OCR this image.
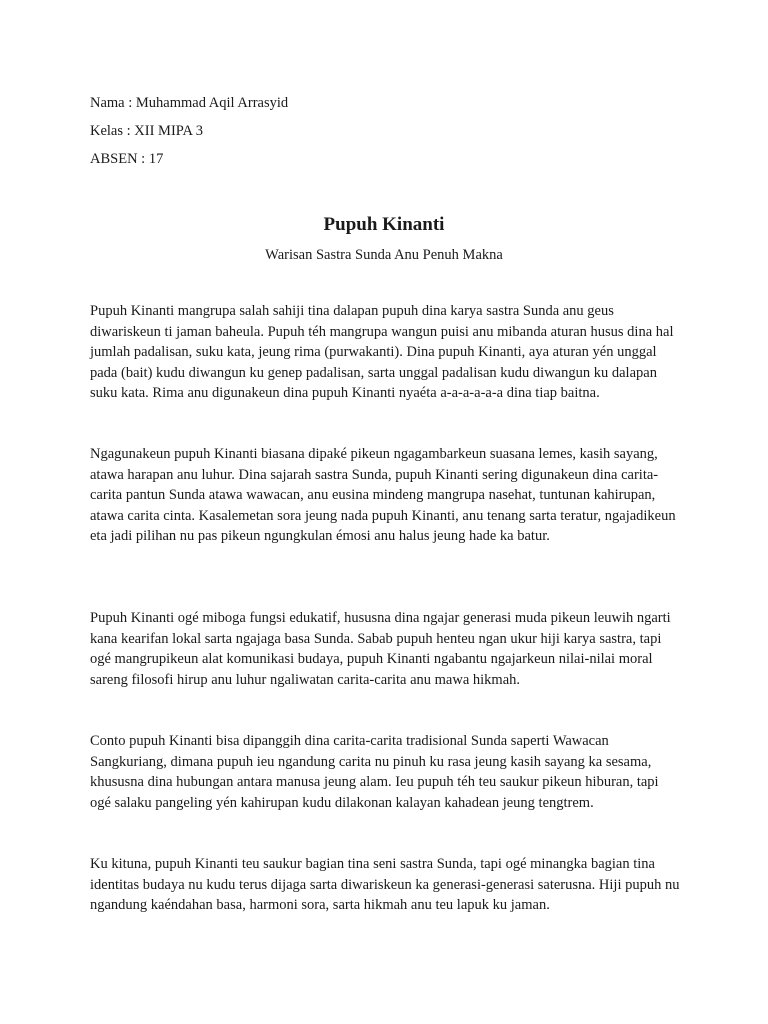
Nama : Muhammad Aqil Arrasyid
Kelas : XII MIPA 3
ABSEN : 17
Pupuh Kinanti
Warisan Sastra Sunda Anu Penuh Makna

Pupuh Kinanti mangrupa salah sahiji tina dalapan pupuh dina karya sastra Sunda anu geus diwariskeun ti jaman baheula. Pupuh téh mangrupa wangun puisi anu mibanda aturan husus dina hal jumlah padalisan, suku kata, jeung rima (purwakanti). Dina pupuh Kinanti, aya aturan yén unggal pada (bait) kudu diwangun ku genep padalisan, sarta unggal padalisan kudu diwangun ku dalapan suku kata. Rima anu digunakeun dina pupuh Kinanti nyaéta a-a-a-a-a-a dina tiap baitna.

Ngagunakeun pupuh Kinanti biasana dipaké pikeun ngagambarkeun suasana lemes, kasih sayang, atawa harapan anu luhur. Dina sajarah sastra Sunda, pupuh Kinanti sering digunakeun dina carita-carita pantun Sunda atawa wawacan, anu eusina mindeng mangrupa nasehat, tuntunan kahirupan, atawa carita cinta. Kasalemetan sora jeung nada pupuh Kinanti, anu tenang sarta teratur, ngajadikeun eta jadi pilihan nu pas pikeun ngungkulan émosi anu halus jeung hade ka batur.

Pupuh Kinanti ogé miboga fungsi edukatif, hususna dina ngajar generasi muda pikeun leuwih ngarti kana kearifan lokal sarta ngajaga basa Sunda. Sabab pupuh henteu ngan ukur hiji karya sastra, tapi ogé mangrupikeun alat komunikasi budaya, pupuh Kinanti ngabantu ngajarkeun nilai-nilai moral sareng filosofi hirup anu luhur ngaliwatan carita-carita anu mawa hikmah.

Conto pupuh Kinanti bisa dipanggih dina carita-carita tradisional Sunda saperti Wawacan Sangkuriang, dimana pupuh ieu ngandung carita nu pinuh ku rasa jeung kasih sayang ka sesama, khususna dina hubungan antara manusa jeung alam. Ieu pupuh téh teu saukur pikeun hiburan, tapi ogé salaku pangeling yén kahirupan kudu dilakonan kalayan kahadean jeung tengtrem.

Ku kituna, pupuh Kinanti teu saukur bagian tina seni sastra Sunda, tapi ogé minangka bagian tina identitas budaya nu kudu terus dijaga sarta diwariskeun ka generasi-generasi saterusna. Hiji pupuh nu ngandung kaéndahan basa, harmoni sora, sarta hikmah anu teu lapuk ku jaman.
